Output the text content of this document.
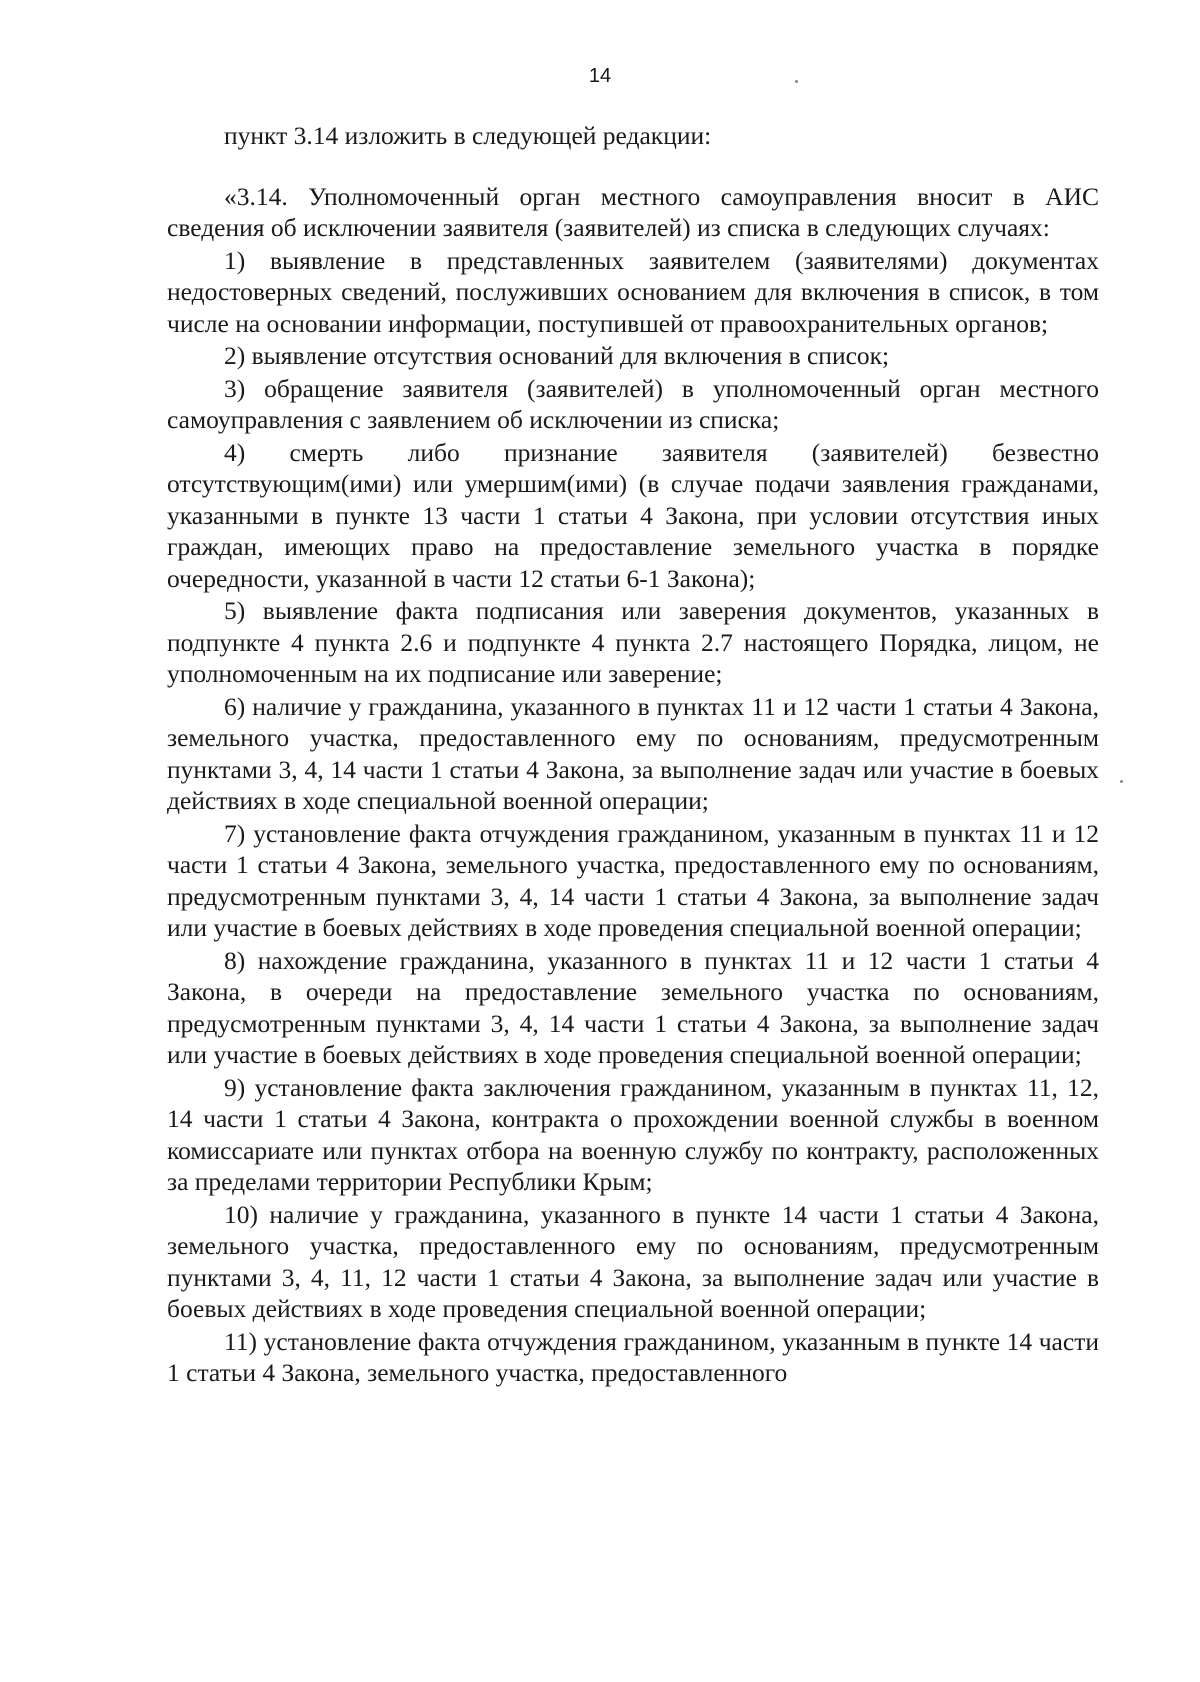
14

пункт 3.14 изложить в следующей редакции:

«3.14. Уполномоченный орган местного самоуправления вносит в АИС сведения об исключении заявителя (заявителей) из списка в следующих случаях:

1) выявление в представленных заявителем (заявителями) документах недостоверных сведений, послуживших основанием для включения в список, в том числе на основании информации, поступившей от правоохранительных органов;

2) выявление отсутствия оснований для включения в список;

3) обращение заявителя (заявителей) в уполномоченный орган местного самоуправления с заявлением об исключении из списка;

4) смерть либо признание заявителя (заявителей) безвестно отсутствующим(ими) или умершим(ими) (в случае подачи заявления гражданами, указанными в пункте 13 части 1 статьи 4 Закона, при условии отсутствия иных граждан, имеющих право на предоставление земельного участка в порядке очередности, указанной в части 12 статьи 6-1 Закона);

5) выявление факта подписания или заверения документов, указанных в подпункте 4 пункта 2.6 и подпункте 4 пункта 2.7 настоящего Порядка, лицом, не уполномоченным на их подписание или заверение;

6) наличие у гражданина, указанного в пунктах 11 и 12 части 1 статьи 4 Закона, земельного участка, предоставленного ему по основаниям, предусмотренным пунктами 3, 4, 14 части 1 статьи 4 Закона, за выполнение задач или участие в боевых действиях в ходе специальной военной операции;

7) установление факта отчуждения гражданином, указанным в пунктах 11 и 12 части 1 статьи 4 Закона, земельного участка, предоставленного ему по основаниям, предусмотренным пунктами 3, 4, 14 части 1 статьи 4 Закона, за выполнение задач или участие в боевых действиях в ходе проведения специальной военной операции;

8) нахождение гражданина, указанного в пунктах 11 и 12 части 1 статьи 4 Закона, в очереди на предоставление земельного участка по основаниям, предусмотренным пунктами 3, 4, 14 части 1 статьи 4 Закона, за выполнение задач или участие в боевых действиях в ходе проведения специальной военной операции;

9) установление факта заключения гражданином, указанным в пунктах 11, 12, 14 части 1 статьи 4 Закона, контракта о прохождении военной службы в военном комиссариате или пунктах отбора на военную службу по контракту, расположенных за пределами территории Республики Крым;

10) наличие у гражданина, указанного в пункте 14 части 1 статьи 4 Закона, земельного участка, предоставленного ему по основаниям, предусмотренным пунктами 3, 4, 11, 12 части 1 статьи 4 Закона, за выполнение задач или участие в боевых действиях в ходе проведения специальной военной операции;

11) установление факта отчуждения гражданином, указанным в пункте 14 части 1 статьи 4 Закона, земельного участка, предоставленного
